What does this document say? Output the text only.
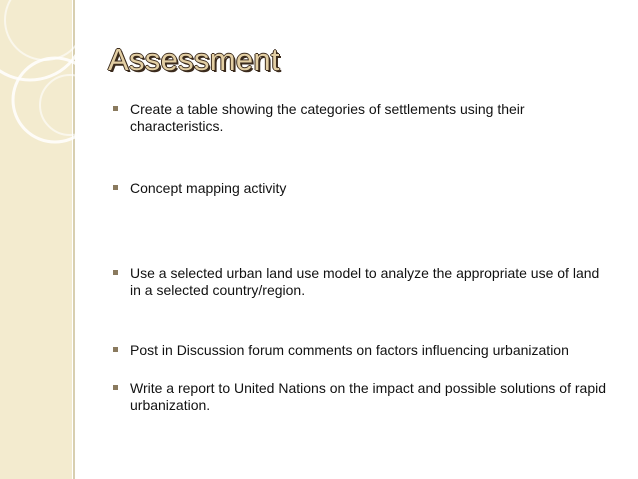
Assessment
Create a table showing the categories of settlements using their characteristics.
Concept mapping activity
Use a selected urban land use model to analyze the appropriate use of land in a selected country/region.
Post in Discussion forum comments on factors influencing urbanization
Write a report to United Nations on the impact and possible solutions of rapid urbanization.
